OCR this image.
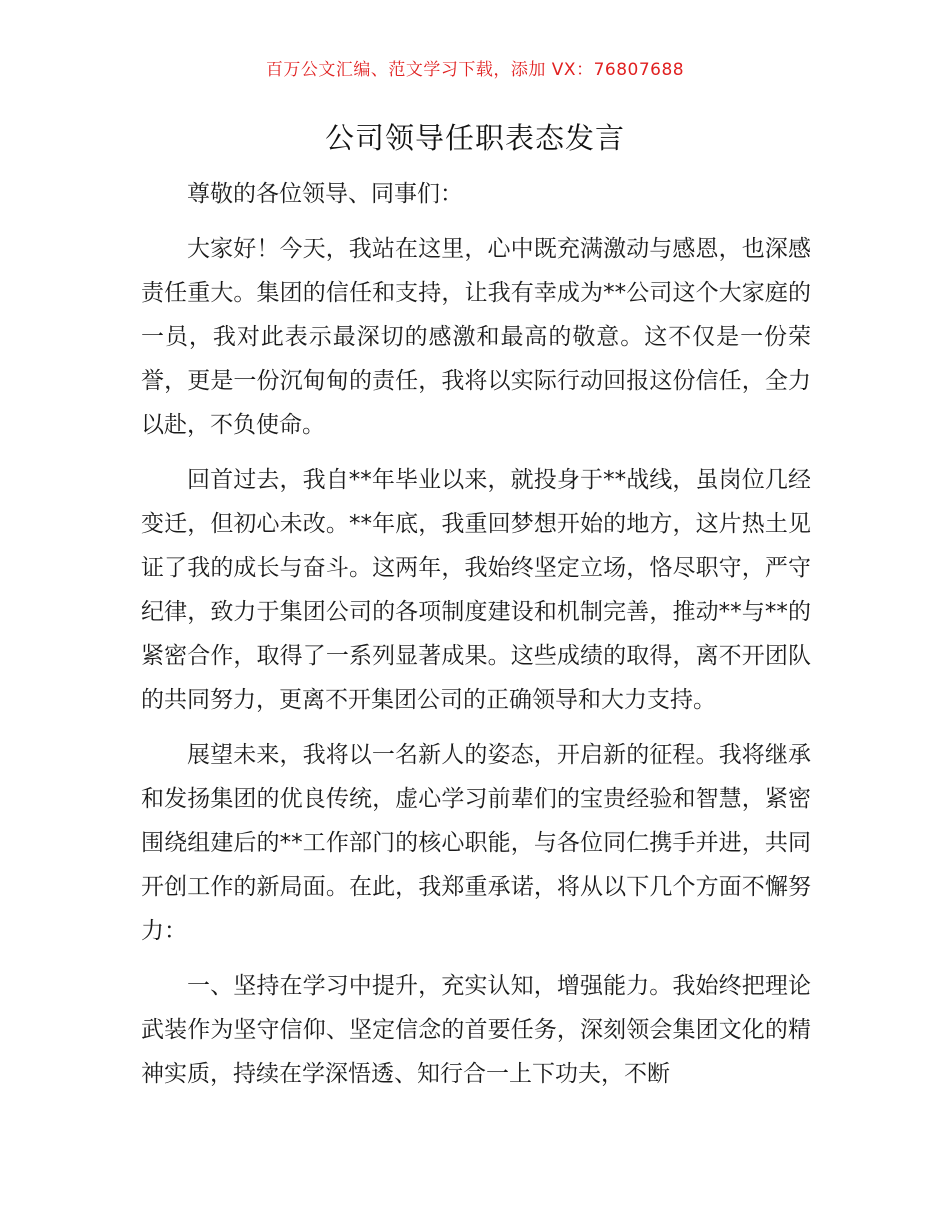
百万公文汇编、范文学习下载，添加 VX：76807688
公司领导任职表态发言

尊敬的各位领导、同事们：

大家好！今天，我站在这里，心中既充满激动与感恩，也深感责任重大。集团的信任和支持，让我有幸成为**公司这个大家庭的一员，我对此表示最深切的感激和最高的敬意。这不仅是一份荣誉，更是一份沉甸甸的责任，我将以实际行动回报这份信任，全力以赴，不负使命。

回首过去，我自**年毕业以来，就投身于**战线，虽岗位几经变迁，但初心未改。**年底，我重回梦想开始的地方，这片热土见证了我的成长与奋斗。这两年，我始终坚定立场，恪尽职守，严守纪律，致力于集团公司的各项制度建设和机制完善，推动**与**的紧密合作，取得了一系列显著成果。这些成绩的取得，离不开团队的共同努力，更离不开集团公司的正确领导和大力支持。

展望未来，我将以一名新人的姿态，开启新的征程。我将继承和发扬集团的优良传统，虚心学习前辈们的宝贵经验和智慧，紧密围绕组建后的**工作部门的核心职能，与各位同仁携手并进，共同开创工作的新局面。在此，我郑重承诺，将从以下几个方面不懈努力：

一、坚持在学习中提升，充实认知，增强能力。我始终把理论武装作为坚守信仰、坚定信念的首要任务，深刻领会集团文化的精神实质，持续在学深悟透、知行合一上下功夫，不断
